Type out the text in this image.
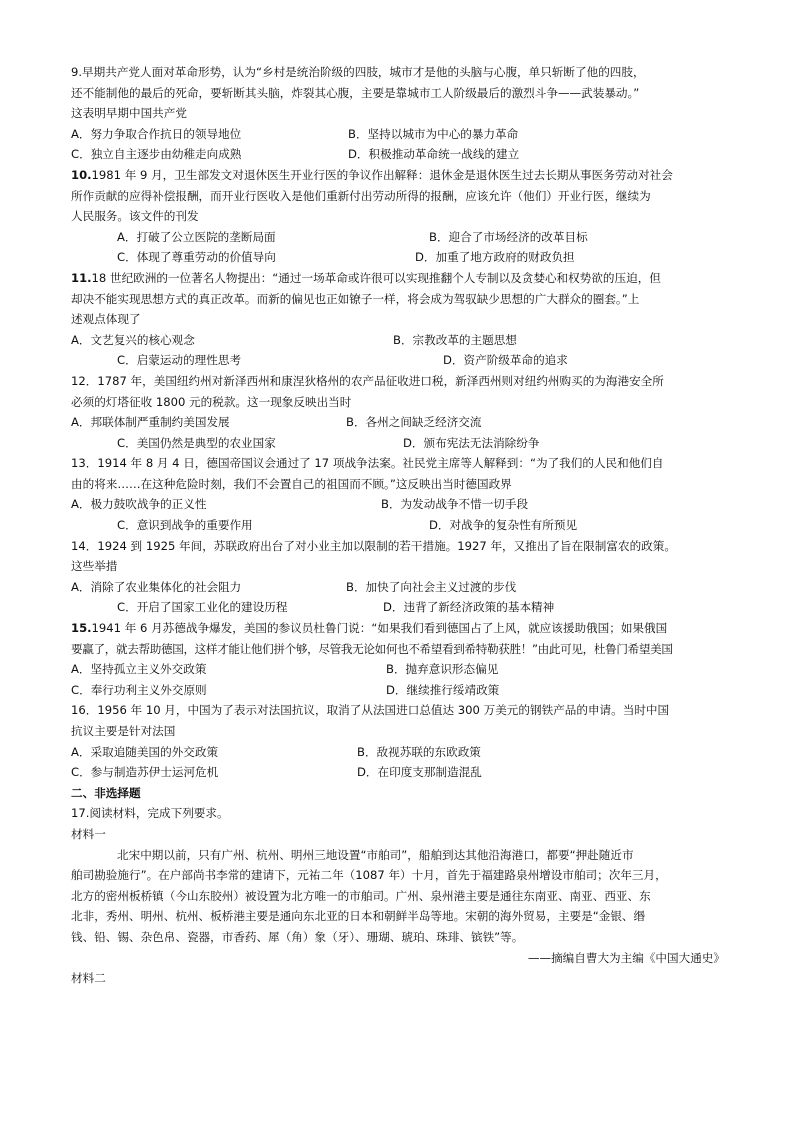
9.早期共产党人面对革命形势，认为“乡村是统治阶级的四肢，城市才是他的头脑与心腹，单只斩断了他的四肢，
还不能制他的最后的死命，要斩断其头脑，炸裂其心腹，主要是靠城市工人阶级最后的激烈斗争——武装暴动。”
这表明早期中国共产党
A．努力争取合作抗日的领导地位	B．坚持以城市为中心的暴力革命
C．独立自主逐步由幼稚走向成熟	D．积极推动革命统一战线的建立
10.1981 年 9 月，卫生部发文对退休医生开业行医的争议作出解释：退休金是退休医生过去长期从事医务劳动对社会
所作贡献的应得补偿报酬，而开业行医收入是他们重新付出劳动所得的报酬，应该允许（他们）开业行医，继续为
人民服务。该文件的刊发
A．打破了公立医院的垄断局面	B．迎合了市场经济的改革目标
C．体现了尊重劳动的价值导向	D．加重了地方政府的财政负担
11.18 世纪欧洲的一位著名人物提出：“通过一场革命或许很可以实现推翻个人专制以及贪婪心和权势欲的压迫，但
却决不能实现思想方式的真正改革。而新的偏见也正如镣子一样，将会成为驾驭缺少思想的广大群众的圈套。”上
述观点体现了
A．文艺复兴的核心观念	B．宗教改革的主题思想
C．启蒙运动的理性思考	D．资产阶级革命的追求
12．1787 年，美国纽约州对新泽西州和康涅狄格州的农产品征收进口税，新泽西州则对纽约州购买的为海港安全所
必须的灯塔征收 1800 元的税款。这一现象反映出当时
A．邦联体制严重制约美国发展	B．各州之间缺乏经济交流
C．美国仍然是典型的农业国家	D．颁布宪法无法消除纷争
13．1914 年 8 月 4 日，德国帝国议会通过了 17 项战争法案。社民党主席等人解释到：“为了我们的人民和他们自
由的将来……在这种危险时刻，我们不会置自己的祖国而不顾。”这反映出当时德国政界
A．极力鼓吹战争的正义性	B．为发动战争不惜一切手段
C．意识到战争的重要作用	D．对战争的复杂性有所预见
14．1924 到 1925 年间，苏联政府出台了对小业主加以限制的若干措施。1927 年，又推出了旨在限制富农的政策。
这些举措
A．消除了农业集体化的社会阻力	B．加快了向社会主义过渡的步伐
C．开启了国家工业化的建设历程	D．违背了新经济政策的基本精神
15.1941 年 6 月苏德战争爆发，美国的参议员杜鲁门说：“如果我们看到德国占了上风，就应该援助俄国；如果俄国
要赢了，就去帮助德国，这样才能让他们拼个够，尽管我无论如何也不希望看到希特勒获胜！”由此可见，杜鲁门希望美国
A．坚持孤立主义外交政策	B．抛弃意识形态偏见
C．奉行功利主义外交原则	D．继续推行绥靖政策
16．1956 年 10 月，中国为了表示对法国抗议，取消了从法国进口总值达 300 万美元的钢铁产品的申请。当时中国
抗议主要是针对法国
A．采取追随美国的外交政策	B．敌视苏联的东欧政策
C．参与制造苏伊士运河危机	D．在印度支那制造混乱
二、非选择题
17.阅读材料，完成下列要求。
材料一
北宋中期以前，只有广州、杭州、明州三地设置“市舶司”，船舶到达其他沿海港口，都要“押赴随近市
舶司勘验施行”。在户部尚书李常的建请下，元祐二年（1087 年）十月，首先于福建路泉州增设市舶司；次年三月，
北方的密州板桥镇（今山东胶州）被设置为北方唯一的市舶司。广州、泉州港主要是通往东南亚、南亚、西亚、东
北非，秀州、明州、杭州、板桥港主要是通向东北亚的日本和朝鲜半岛等地。宋朝的海外贸易，主要是“金银、缗
钱、铅、锡、杂色帛、瓷器，市香药、犀（角）象（牙）、珊瑚、琥珀、珠琲、镔铁”等。
——摘编自曹大为主编《中国大通史》
材料二
